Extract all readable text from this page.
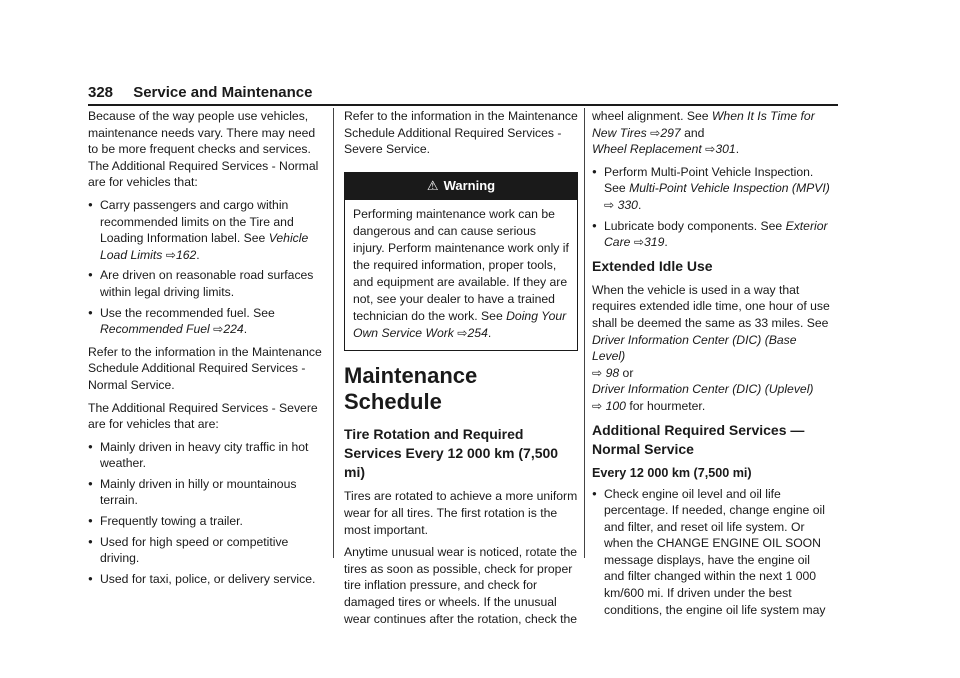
328 Service and Maintenance

Because of the way people use vehicles, maintenance needs vary. There may need to be more frequent checks and services. The Additional Required Services - Normal are for vehicles that:

● Carry passengers and cargo within recommended limits on the Tire and Loading Information label. See Vehicle Load Limits ⇨162.
● Are driven on reasonable road surfaces within legal driving limits.
● Use the recommended fuel. See Recommended Fuel ⇨224.

Refer to the information in the Maintenance Schedule Additional Required Services - Normal Service.

The Additional Required Services - Severe are for vehicles that are:

● Mainly driven in heavy city traffic in hot weather.
● Mainly driven in hilly or mountainous terrain.
● Frequently towing a trailer.
● Used for high speed or competitive driving.
● Used for taxi, police, or delivery service.

Refer to the information in the Maintenance Schedule Additional Required Services - Severe Service.

⚠ Warning
Performing maintenance work can be dangerous and can cause serious injury. Perform maintenance work only if the required information, proper tools, and equipment are available. If they are not, see your dealer to have a trained technician do the work. See Doing Your Own Service Work ⇨254.
Maintenance Schedule
Tire Rotation and Required Services Every 12 000 km (7,500 mi)

Tires are rotated to achieve a more uniform wear for all tires. The first rotation is the most important.

Anytime unusual wear is noticed, rotate the tires as soon as possible, check for proper tire inflation pressure, and check for damaged tires or wheels. If the unusual wear continues after the rotation, check the

wheel alignment. See When It Is Time for New Tires ⇨297 and
Wheel Replacement ⇨301.

● Perform Multi-Point Vehicle Inspection. See Multi-Point Vehicle Inspection (MPVI)
⇨ 330.
● Lubricate body components. See Exterior Care ⇨319.
Extended Idle Use

When the vehicle is used in a way that requires extended idle time, one hour of use shall be deemed the same as 33 miles. See
Driver Information Center (DIC) (Base Level)
⇨ 98 or
Driver Information Center (DIC) (Uplevel)
⇨ 100 for hourmeter.

Additional Required Services — Normal Service
Every 12 000 km (7,500 mi)
● Check engine oil level and oil life percentage. If needed, change engine oil and filter, and reset oil life system. Or when the CHANGE ENGINE OIL SOON message displays, have the engine oil and filter changed within the next 1 000 km/600 mi. If driven under the best conditions, the engine oil life system may
